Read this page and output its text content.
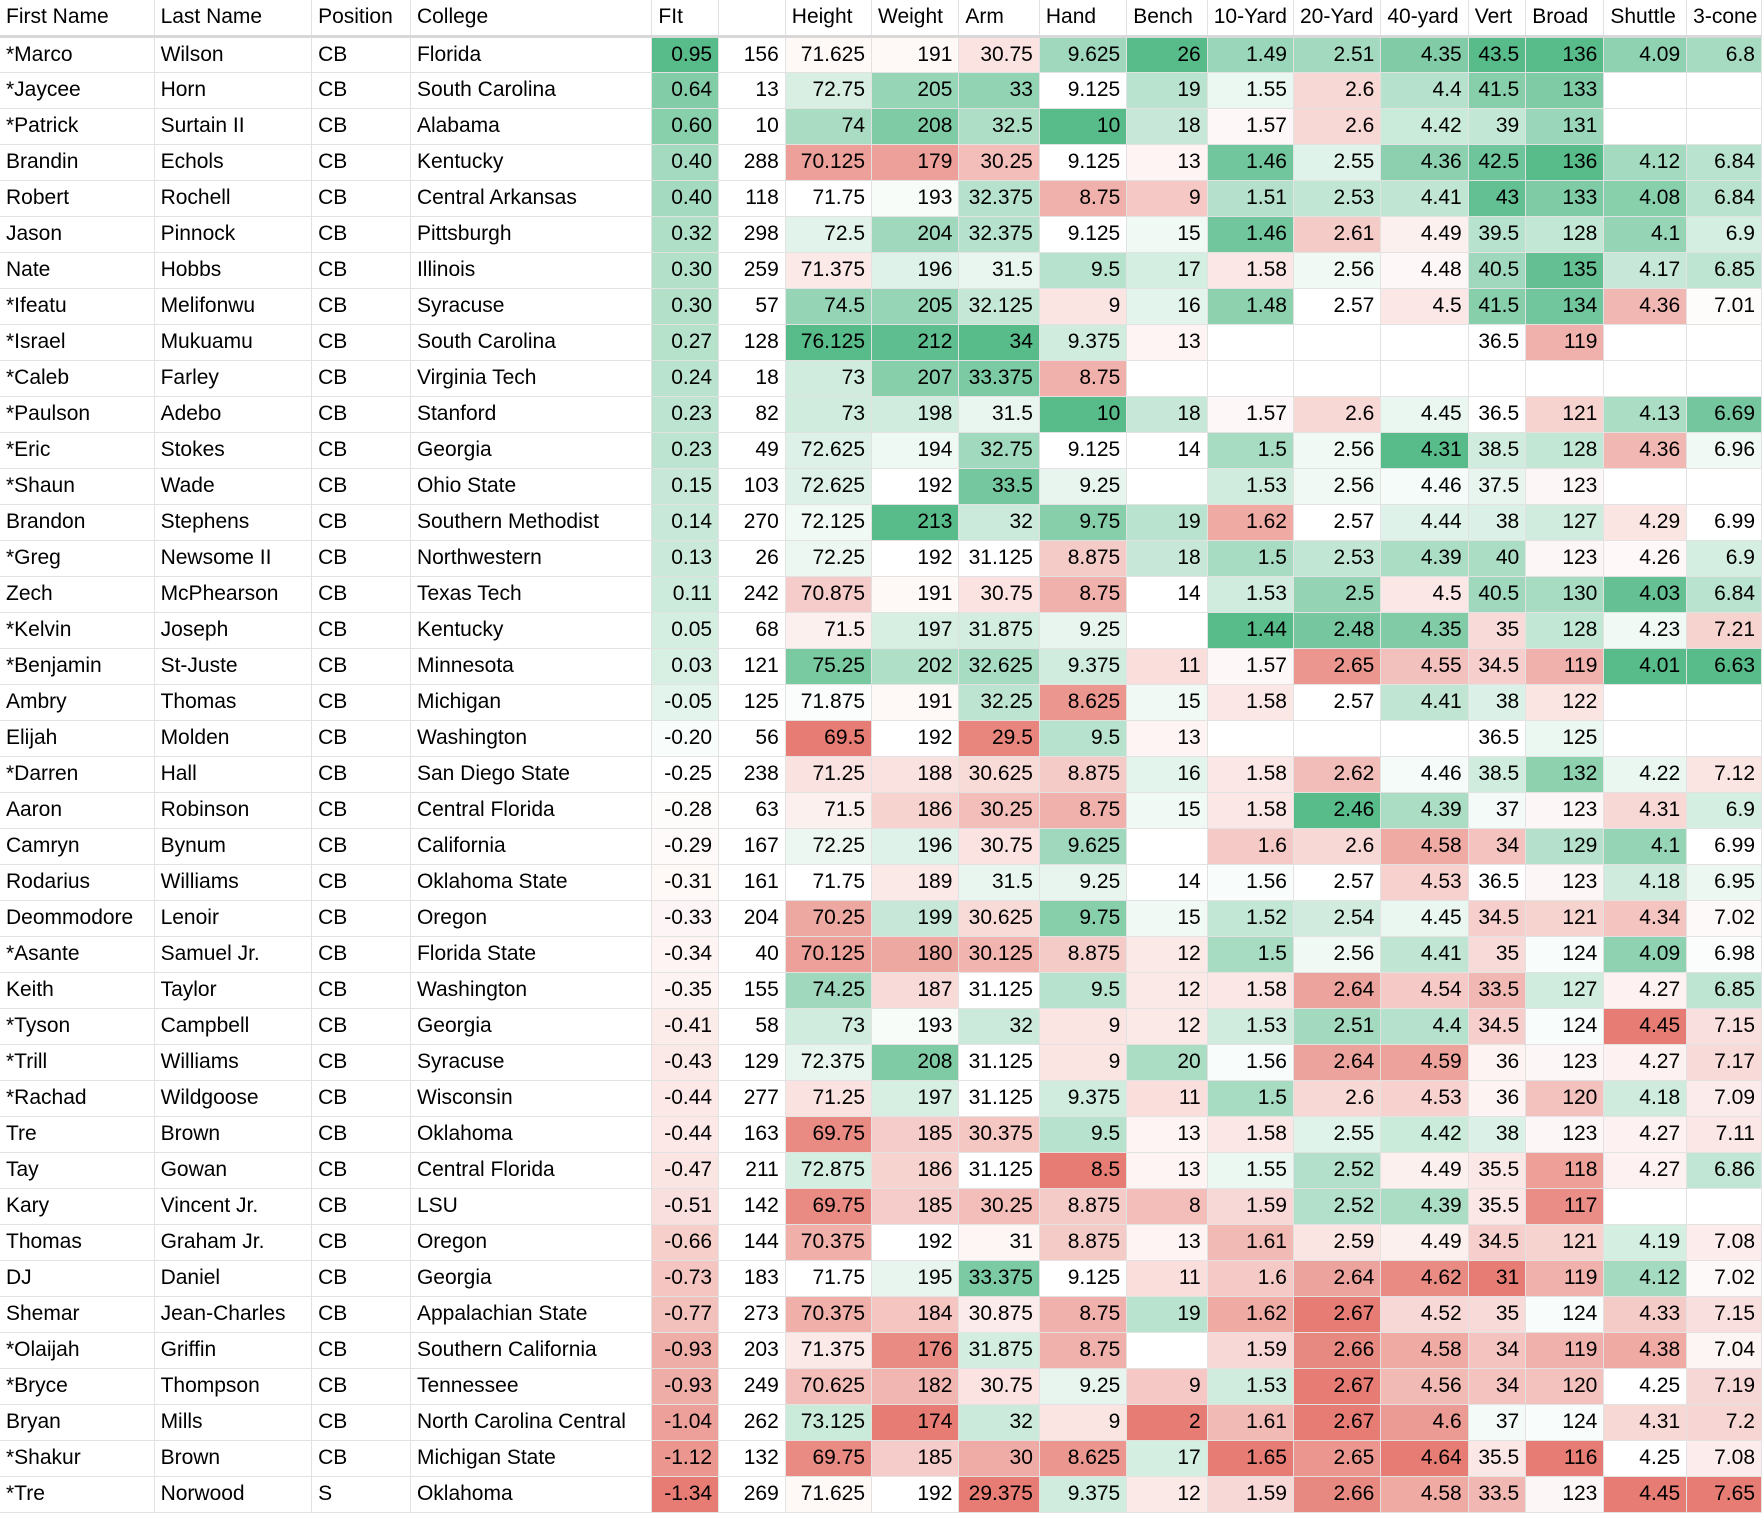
First Name	Last Name	Position	College	FIt		Height	Weight	Arm	Hand	Bench	10-Yard	20-Yard	40-yard	Vert	Broad	Shuttle	3-cone
*Marco	Wilson	CB	Florida	0.95	156	71.625	191	30.75	9.625	26	1.49	2.51	4.35	43.5	136	4.09	6.8
*Jaycee	Horn	CB	South Carolina	0.64	13	72.75	205	33	9.125	19	1.55	2.6	4.4	41.5	133		
*Patrick	Surtain II	CB	Alabama	0.60	10	74	208	32.5	10	18	1.57	2.6	4.42	39	131		
Brandin	Echols	CB	Kentucky	0.40	288	70.125	179	30.25	9.125	13	1.46	2.55	4.36	42.5	136	4.12	6.84
Robert	Rochell	CB	Central Arkansas	0.40	118	71.75	193	32.375	8.75	9	1.51	2.53	4.41	43	133	4.08	6.84
Jason	Pinnock	CB	Pittsburgh	0.32	298	72.5	204	32.375	9.125	15	1.46	2.61	4.49	39.5	128	4.1	6.9
Nate	Hobbs	CB	Illinois	0.30	259	71.375	196	31.5	9.5	17	1.58	2.56	4.48	40.5	135	4.17	6.85
*Ifeatu	Melifonwu	CB	Syracuse	0.30	57	74.5	205	32.125	9	16	1.48	2.57	4.5	41.5	134	4.36	7.01
*Israel	Mukuamu	CB	South Carolina	0.27	128	76.125	212	34	9.375	13				36.5	119		
*Caleb	Farley	CB	Virginia Tech	0.24	18	73	207	33.375	8.75								
*Paulson	Adebo	CB	Stanford	0.23	82	73	198	31.5	10	18	1.57	2.6	4.45	36.5	121	4.13	6.69
*Eric	Stokes	CB	Georgia	0.23	49	72.625	194	32.75	9.125	14	1.5	2.56	4.31	38.5	128	4.36	6.96
*Shaun	Wade	CB	Ohio State	0.15	103	72.625	192	33.5	9.25		1.53	2.56	4.46	37.5	123		
Brandon	Stephens	CB	Southern Methodist	0.14	270	72.125	213	32	9.75	19	1.62	2.57	4.44	38	127	4.29	6.99
*Greg	Newsome II	CB	Northwestern	0.13	26	72.25	192	31.125	8.875	18	1.5	2.53	4.39	40	123	4.26	6.9
Zech	McPhearson	CB	Texas Tech	0.11	242	70.875	191	30.75	8.75	14	1.53	2.5	4.5	40.5	130	4.03	6.84
*Kelvin	Joseph	CB	Kentucky	0.05	68	71.5	197	31.875	9.25		1.44	2.48	4.35	35	128	4.23	7.21
*Benjamin	St-Juste	CB	Minnesota	0.03	121	75.25	202	32.625	9.375	11	1.57	2.65	4.55	34.5	119	4.01	6.63
Ambry	Thomas	CB	Michigan	-0.05	125	71.875	191	32.25	8.625	15	1.58	2.57	4.41	38	122		
Elijah	Molden	CB	Washington	-0.20	56	69.5	192	29.5	9.5	13				36.5	125		
*Darren	Hall	CB	San Diego State	-0.25	238	71.25	188	30.625	8.875	16	1.58	2.62	4.46	38.5	132	4.22	7.12
Aaron	Robinson	CB	Central Florida	-0.28	63	71.5	186	30.25	8.75	15	1.58	2.46	4.39	37	123	4.31	6.9
Camryn	Bynum	CB	California	-0.29	167	72.25	196	30.75	9.625		1.6	2.6	4.58	34	129	4.1	6.99
Rodarius	Williams	CB	Oklahoma State	-0.31	161	71.75	189	31.5	9.25	14	1.56	2.57	4.53	36.5	123	4.18	6.95
Deommodore	Lenoir	CB	Oregon	-0.33	204	70.25	199	30.625	9.75	15	1.52	2.54	4.45	34.5	121	4.34	7.02
*Asante	Samuel Jr.	CB	Florida State	-0.34	40	70.125	180	30.125	8.875	12	1.5	2.56	4.41	35	124	4.09	6.98
Keith	Taylor	CB	Washington	-0.35	155	74.25	187	31.125	9.5	12	1.58	2.64	4.54	33.5	127	4.27	6.85
*Tyson	Campbell	CB	Georgia	-0.41	58	73	193	32	9	12	1.53	2.51	4.4	34.5	124	4.45	7.15
*Trill	Williams	CB	Syracuse	-0.43	129	72.375	208	31.125	9	20	1.56	2.64	4.59	36	123	4.27	7.17
*Rachad	Wildgoose	CB	Wisconsin	-0.44	277	71.25	197	31.125	9.375	11	1.5	2.6	4.53	36	120	4.18	7.09
Tre	Brown	CB	Oklahoma	-0.44	163	69.75	185	30.375	9.5	13	1.58	2.55	4.42	38	123	4.27	7.11
Tay	Gowan	CB	Central Florida	-0.47	211	72.875	186	31.125	8.5	13	1.55	2.52	4.49	35.5	118	4.27	6.86
Kary	Vincent Jr.	CB	LSU	-0.51	142	69.75	185	30.25	8.875	8	1.59	2.52	4.39	35.5	117		
Thomas	Graham Jr.	CB	Oregon	-0.66	144	70.375	192	31	8.875	13	1.61	2.59	4.49	34.5	121	4.19	7.08
DJ	Daniel	CB	Georgia	-0.73	183	71.75	195	33.375	9.125	11	1.6	2.64	4.62	31	119	4.12	7.02
Shemar	Jean-Charles	CB	Appalachian State	-0.77	273	70.375	184	30.875	8.75	19	1.62	2.67	4.52	35	124	4.33	7.15
*Olaijah	Griffin	CB	Southern California	-0.93	203	71.375	176	31.875	8.75		1.59	2.66	4.58	34	119	4.38	7.04
*Bryce	Thompson	CB	Tennessee	-0.93	249	70.625	182	30.75	9.25	9	1.53	2.67	4.56	34	120	4.25	7.19
Bryan	Mills	CB	North Carolina Central	-1.04	262	73.125	174	32	9	2	1.61	2.67	4.6	37	124	4.31	7.2
*Shakur	Brown	CB	Michigan State	-1.12	132	69.75	185	30	8.625	17	1.65	2.65	4.64	35.5	116	4.25	7.08
*Tre	Norwood	S	Oklahoma	-1.34	269	71.625	192	29.375	9.375	12	1.59	2.66	4.58	33.5	123	4.45	7.65
